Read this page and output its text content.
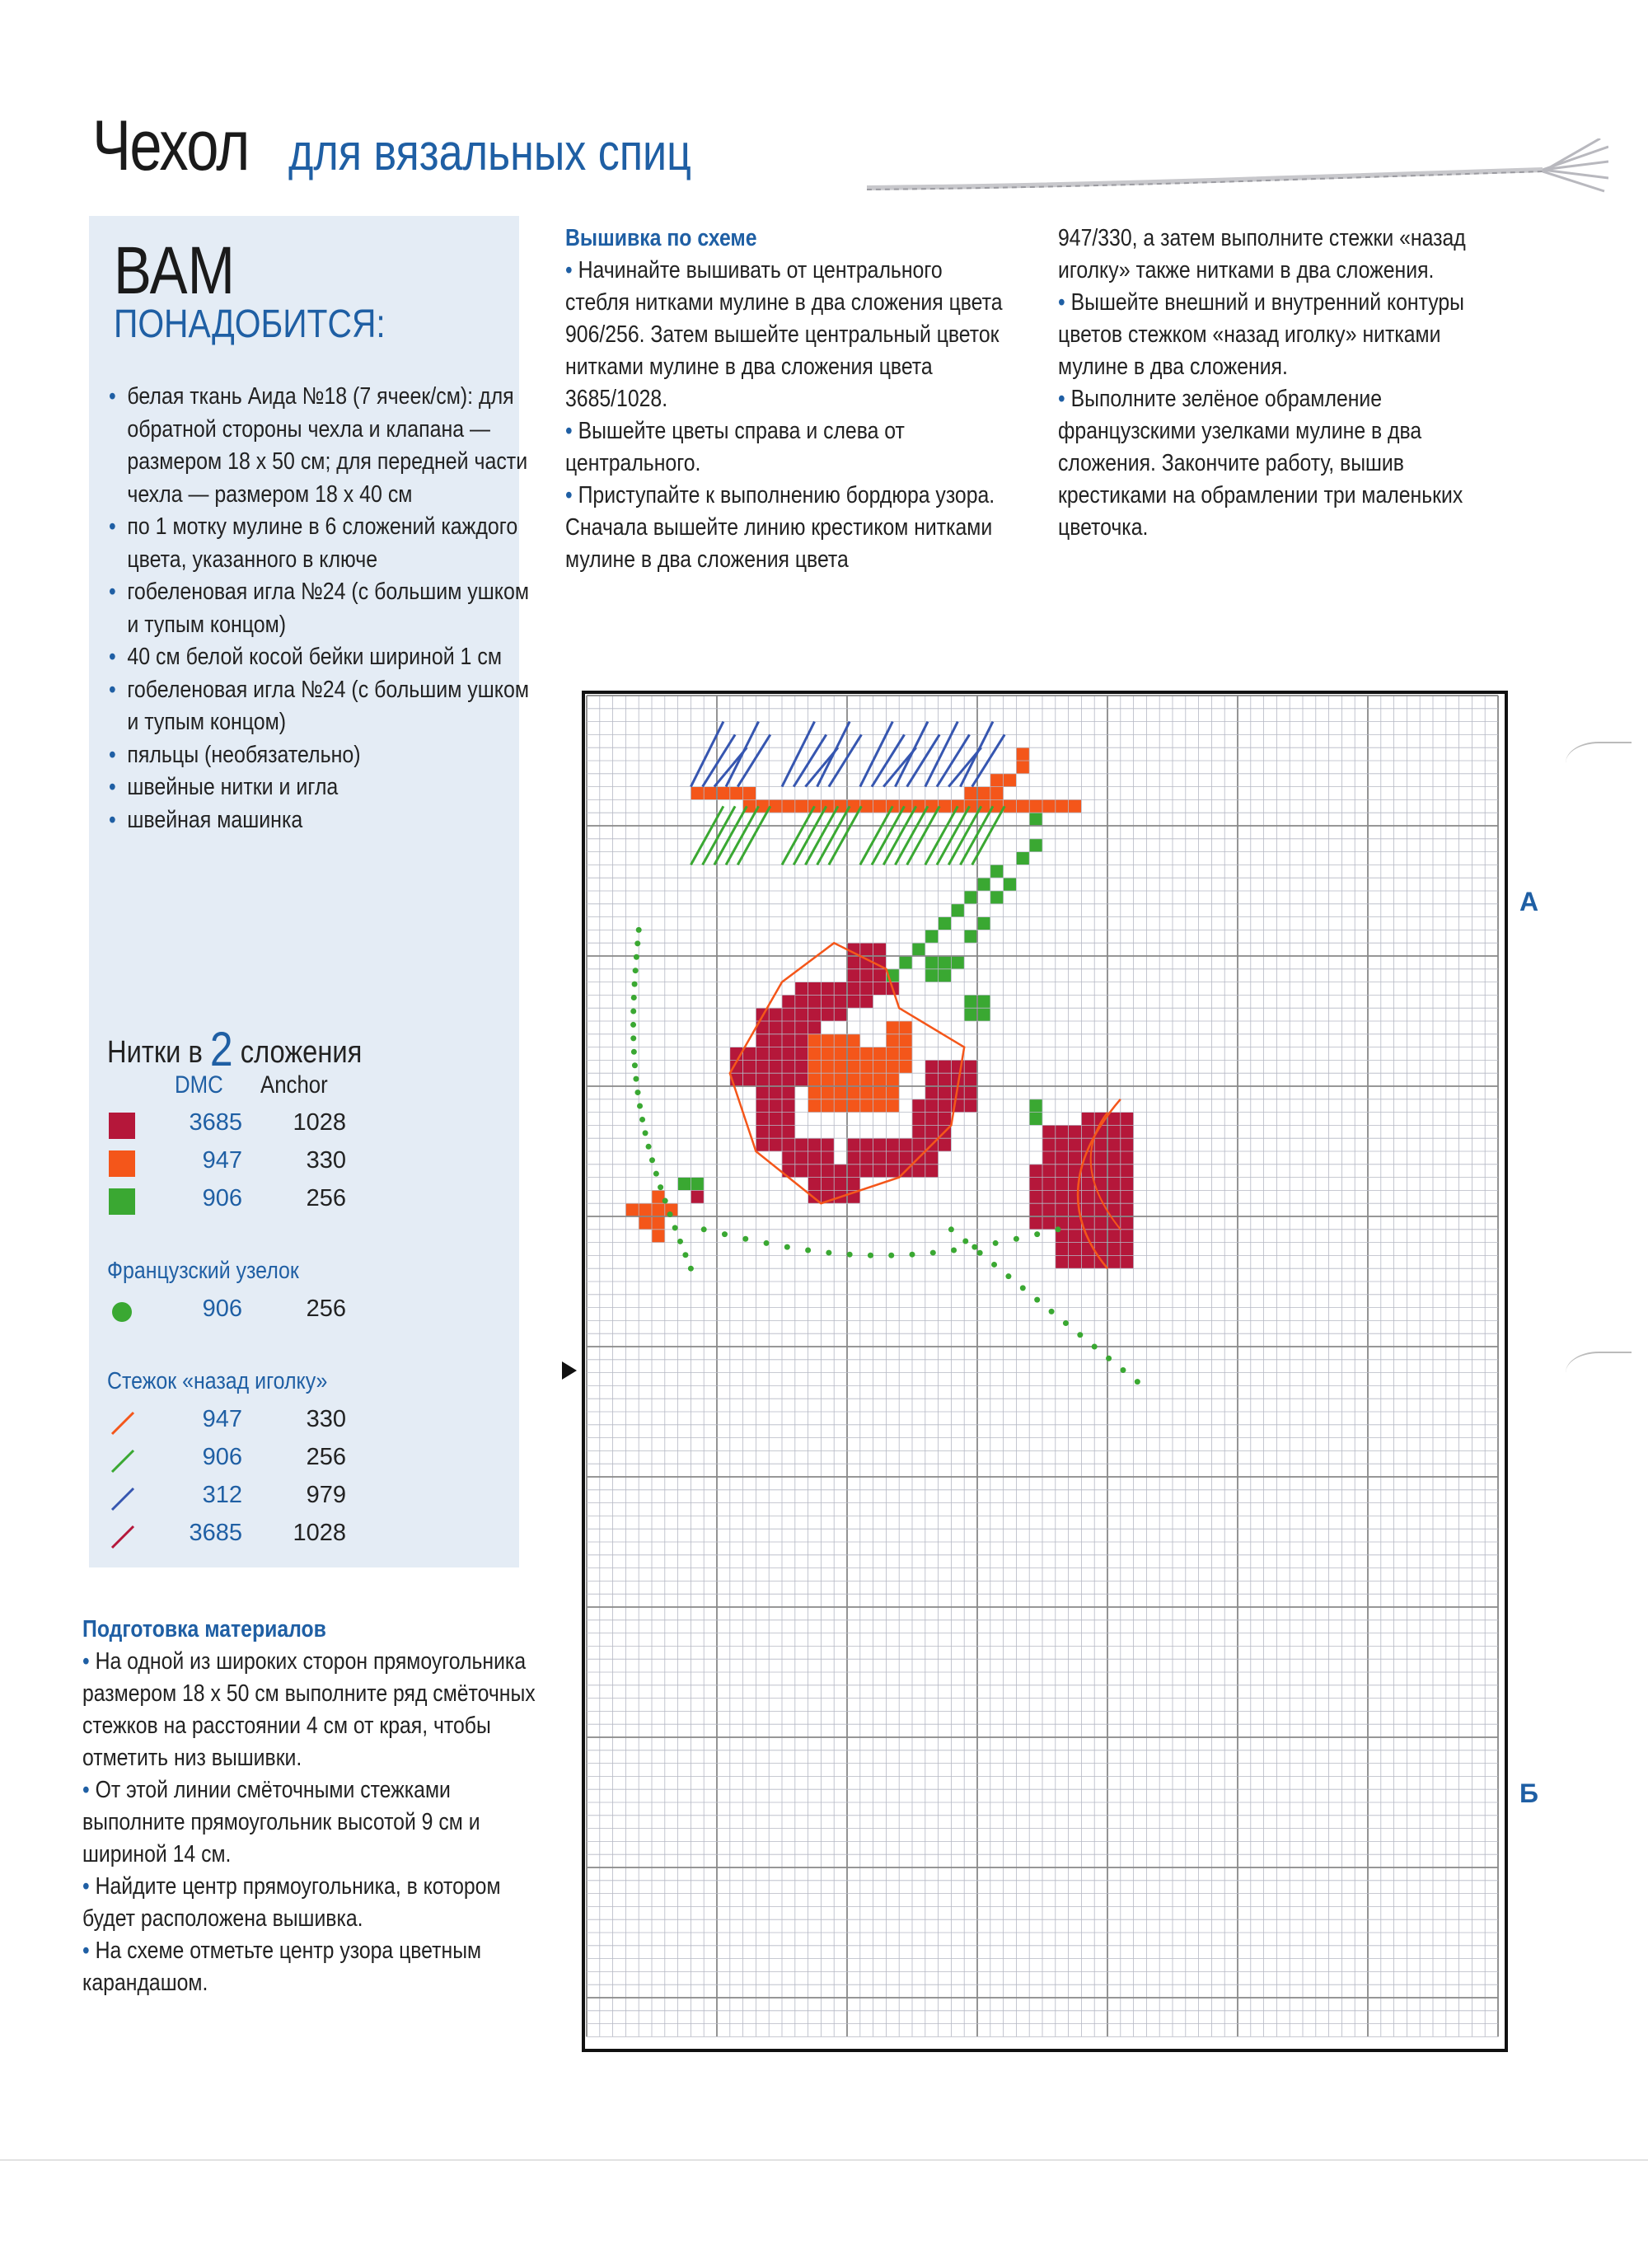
Чехол для вязальных спиц
ВАМ
ПОНАДОБИТСЯ:
• белая ткань Аида №18 (7 ячеек/см): для обратной стороны чехла и клапана — размером 18 x 50 см; для передней части чехла — размером 18 x 40 см
• по 1 мотку мулине в 6 сложений каждого цвета, указанного в ключе
• гобеленовая игла №24 (с большим ушком и тупым концом)
• 40 см белой косой бейки шириной 1 см
• гобеленовая игла №24 (с большим ушком и тупым концом)
• пяльцы (необязательно)
• швейные нитки и игла
• швейная машинка
Нитки в 2 сложения
DMC Anchor
3685	1028
947	330
906	256
Французский узелок
906	256
Стежок «назад иголку»
947	330
906	256
312	979
3685	1028
Подготовка материалов
• На одной из широких сторон прямоугольника размером 18 x 50 см выполните ряд смёточных стежков на расстоянии 4 см от края, чтобы отметить низ вышивки.
• От этой линии смёточными стежками выполните прямоугольник высотой 9 см и шириной 14 см.
• Найдите центр прямоугольника, в котором будет расположена вышивка.
• На схеме отметьте центр узора цветным карандашом.
Вышивка по схеме
• Начинайте вышивать от центрального стебля нитками мулине в два сложения цвета 906/256. Затем вышейте центральный цветок нитками мулине в два сложения цвета 3685/1028.
• Вышейте цветы справа и слева от центрального.
• Приступайте к выполнению бордюра узора. Сначала вышейте линию крестиком нитками мулине в два сложения цвета
947/330, а затем выполните стежки «назад иголку» также нитками в два сложения.
• Вышейте внешний и внутренний контуры цветов стежком «назад иголку» нитками мулине в два сложения.
• Выполните зелёное обрамление французскими узелками мулине в два сложения. Закончите работу, вышив крестиками на обрамлении три маленьких цветочка.
А
Б
